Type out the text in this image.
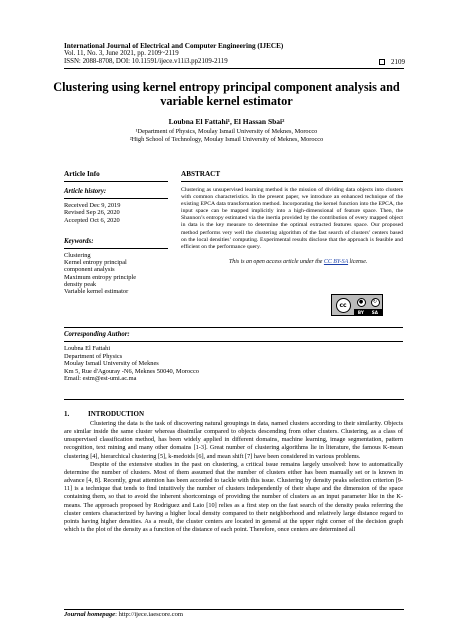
International Journal of Electrical and Computer Engineering (IJECE)
Vol. 11, No. 3, June 2021, pp. 2109~2119
ISSN: 2088-8708, DOI: 10.11591/ijece.v11i3.pp2109-2119	2109
Clustering using kernel entropy principal component analysis and variable kernel estimator
Loubna El Fattahi¹, El Hassan Sbai²
¹Department of Physics, Moulay Ismail University of Meknes, Morocco
²High School of Technology, Moulay Ismail University of Meknes, Morocco
Article Info
Article history:
Received Dec 9, 2019
Revised Sep 26, 2020
Accepted Oct 6, 2020
Keywords:
Clustering
Kernel entropy principal
component analysis
Maximum entropy principle
density peak
Variable kernel estimator
ABSTRACT
Clustering as unsupervised learning method is the mission of dividing data objects into clusters with common characteristics. In the present paper, we introduce an enhanced technique of the existing EPCA data transformation method. Incorporating the kernel function into the EPCA, the input space can be mapped implicitly into a high-dimensional of feature space. Then, the Shannon’s entropy estimated via the inertia provided by the contribution of every mapped object in data is the key measure to determine the optimal extracted features space. Our proposed method performs very well the clustering algorithm of the fast search of clusters’ centers based on the local densities’ computing. Experimental results disclose that the approach is feasible and efficient on the performance query.
This is an open access article under the CC BY-SA license.
cc	●	↻
BY SA
Corresponding Author:
Loubna El Fattahi
Department of Physics
Moulay Ismail University of Meknes
Km 5, Rue d'Agouray -N6, Meknes 50040, Morocco
Email: estm@est-umi.ac.ma
1.	INTRODUCTION

Clustering the data is the task of discovering natural groupings in data, named clusters according to their similarity. Objects are similar inside the same cluster whereas dissimilar compared to objects descending from other clusters. Clustering, as a class of unsupervised classification method, has been widely applied in different domains, machine learning, image segmentation, pattern recognition, text mining and many other domains [1-3]. Great number of clustering algorithms lie in literature, the famous K-mean clustering [4], hierarchical clustering [5], k-medoids [6], and mean shift [7] have been considered in various problems.

Despite of the extensive studies in the past on clustering, a critical issue remains largely unsolved: how to automatically determine the number of clusters. Most of them assumed that the number of clusters either has been manually set or is known in advance [4, 8]. Recently, great attention has been accorded to tackle with this issue. Clustering by density peaks selection criterion [9-11] is a technique that tends to find intuitively the number of clusters independently of their shape and the dimension of the space containing them, so that to avoid the inherent shortcomings of providing the number of clusters as an input parameter like in the K-means. The approach proposed by Rodriguez and Laio [10] relies as a first step on the fast search of the density peaks referring the cluster centers characterized by having a higher local density compared to their neighborhood and relatively large distance regard to points having higher densities. As a result, the cluster centers are located in general at the upper right corner of the decision graph which is the plot of the density as a function of the distance of each point. Therefore, once centers are determined all

Journal homepage: http://ijece.iaescore.com
